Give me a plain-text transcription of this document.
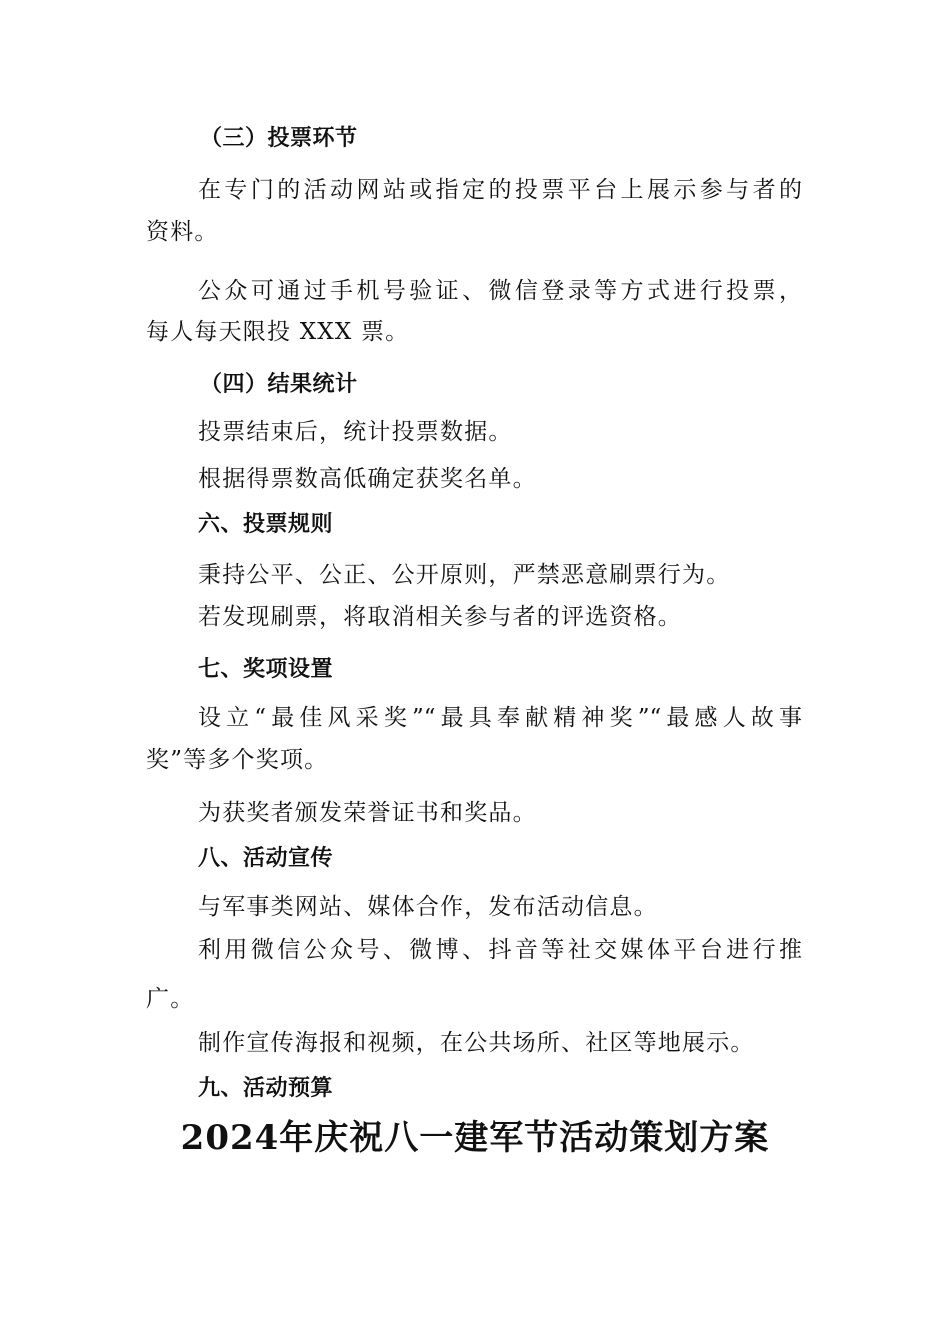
（三）投票环节
在专门的活动网站或指定的投票平台上展示参与者的
资料。
公众可通过手机号验证、微信登录等方式进行投票，
每人每天限投 XXX 票。
（四）结果统计
投票结束后，统计投票数据。
根据得票数高低确定获奖名单。
六、投票规则
秉持公平、公正、公开原则，严禁恶意刷票行为。
若发现刷票，将取消相关参与者的评选资格。
七、奖项设置
设立“最佳风采奖”“最具奉献精神奖”“最感人故事
奖”等多个奖项。
为获奖者颁发荣誉证书和奖品。
八、活动宣传
与军事类网站、媒体合作，发布活动信息。
利用微信公众号、微博、抖音等社交媒体平台进行推
广。
制作宣传海报和视频，在公共场所、社区等地展示。
九、活动预算
2024年庆祝八一建军节活动策划方案
